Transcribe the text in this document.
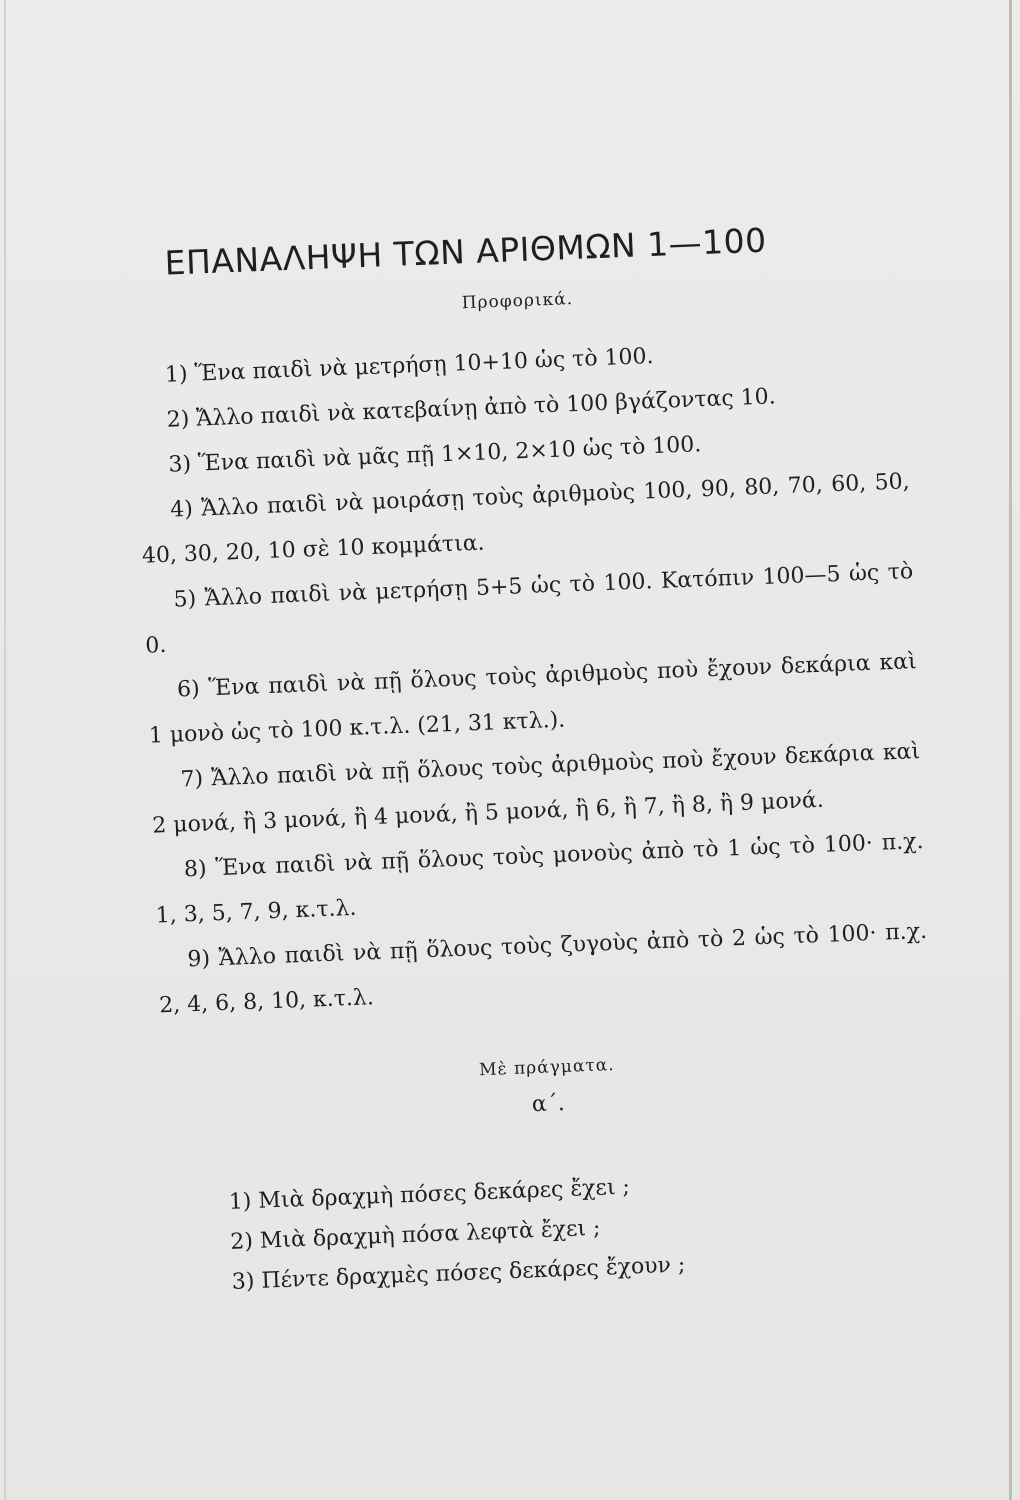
ΕΠΑΝΑΛΗΨΗ ΤΩΝ ΑΡΙΘΜΩΝ 1—100
Προφορικά.

1) Ἕνα παιδὶ νὰ μετρήσῃ 10+10 ὡς τὸ 100.

2) Ἄλλο παιδὶ νὰ κατεβαίνῃ ἀπὸ τὸ 100 βγάζοντας 10.

3) Ἕνα παιδὶ νὰ μᾶς πῇ 1×10, 2×10 ὡς τὸ 100.

4) Ἄλλο παιδὶ νὰ μοιράσῃ τοὺς ἀριθμοὺς 100, 90, 80, 70, 60, 50, 40, 30, 20, 10 σὲ 10 κομμάτια.

5) Ἄλλο παιδὶ νὰ μετρήσῃ 5+5 ὡς τὸ 100. Κατόπιν 100—5 ὡς τὸ 0.

6) Ἕνα παιδὶ νὰ πῇ ὅλους τοὺς ἀριθμοὺς ποὺ ἔχουν δεκάρια καὶ 1 μονὸ ὡς τὸ 100 κ.τ.λ. (21, 31 κτλ.).

7) Ἄλλο παιδὶ νὰ πῇ ὅλους τοὺς ἀριθμοὺς ποὺ ἔχουν δεκάρια καὶ 2 μονά, ἢ 3 μονά, ἢ 4 μονά, ἢ 5 μονά, ἢ 6, ἢ 7, ἢ 8, ἢ 9 μονά.

8) Ἕνα παιδὶ νὰ πῇ ὅλους τοὺς μονοὺς ἀπὸ τὸ 1 ὡς τὸ 100· π.χ. 1, 3, 5, 7, 9, κ.τ.λ.

9) Ἄλλο παιδὶ νὰ πῇ ὅλους τοὺς ζυγοὺς ἀπὸ τὸ 2 ὡς τὸ 100· π.χ. 2, 4, 6, 8, 10, κ.τ.λ.

Μὲ πράγματα.
α΄.

1) Μιὰ δραχμὴ πόσες δεκάρες ἔχει ;

2) Μιὰ δραχμὴ πόσα λεφτὰ ἔχει ;

3) Πέντε δραχμὲς πόσες δεκάρες ἔχουν ;
